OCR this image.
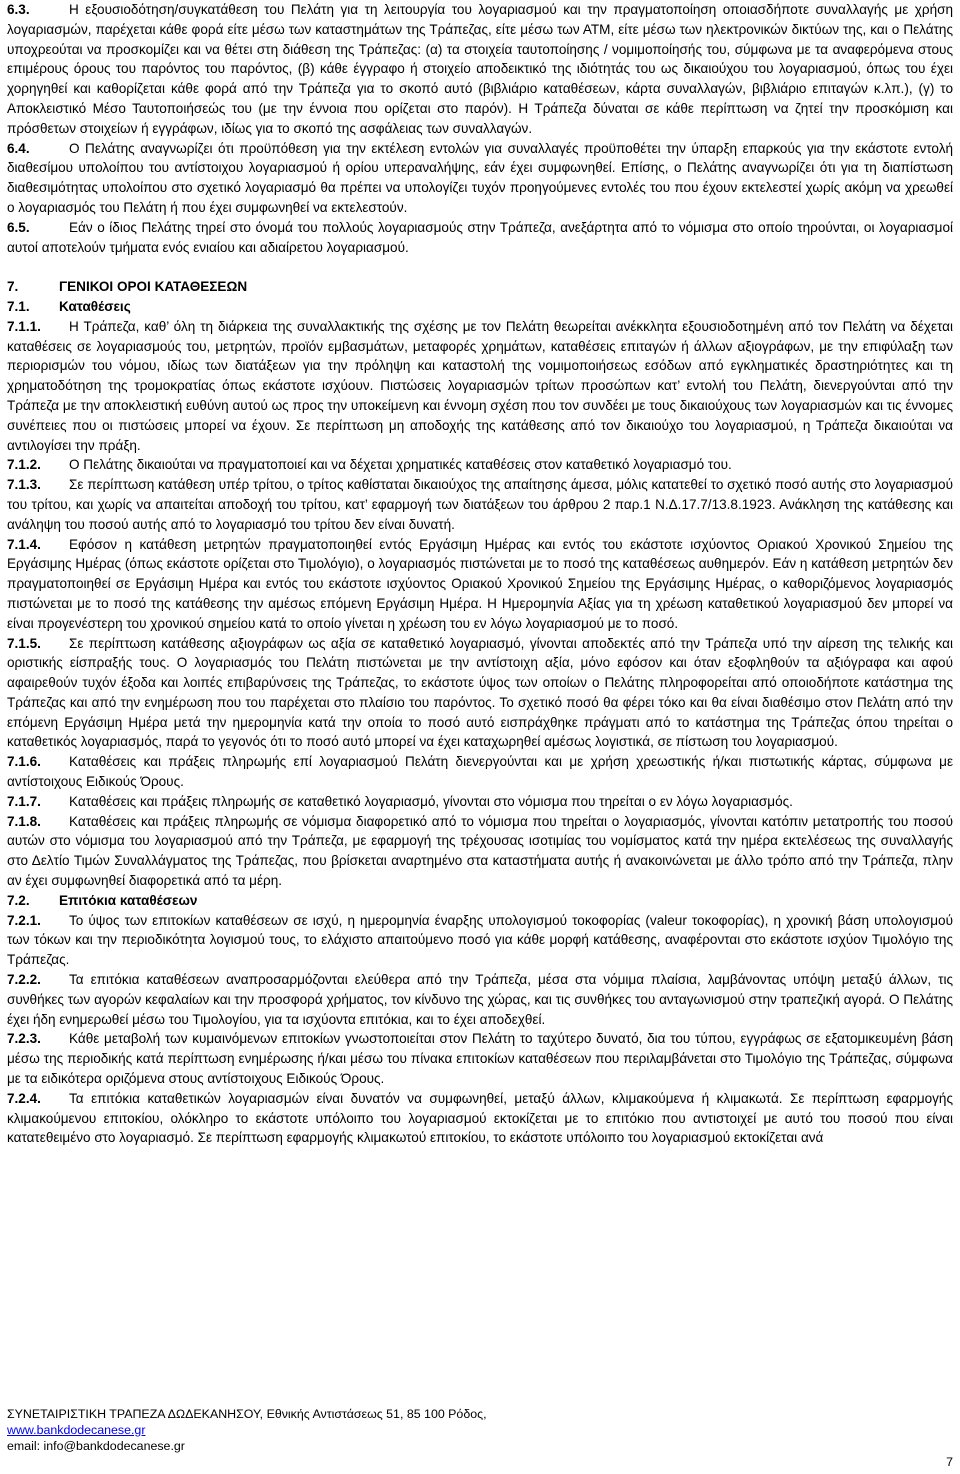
6.3.	Η εξουσιοδότηση/συγκατάθεση του Πελάτη για τη λειτουργία του λογαριασμού και την πραγματοποίηση οποιασδήποτε συναλλαγής με χρήση λογαριασμών, παρέχεται κάθε φορά είτε μέσω των καταστημάτων της Τράπεζας, είτε μέσω των ΑΤΜ, είτε μέσω των ηλεκτρονικών δικτύων της, και ο Πελάτης υποχρεούται να προσκομίζει και να θέτει στη διάθεση της Τράπεζας: (α) τα στοιχεία ταυτοποίησης / νομιμοποίησής του, σύμφωνα με τα αναφερόμενα στους επιμέρους όρους του παρόντος του παρόντος, (β) κάθε έγγραφο ή στοιχείο αποδεικτικό της ιδιότητάς του ως δικαιούχου του λογαριασμού, όπως του έχει χορηγηθεί και καθορίζεται κάθε φορά από την Τράπεζα για το σκοπό αυτό (βιβλιάριο καταθέσεων, κάρτα συναλλαγών, βιβλιάριο επιταγών κ.λπ.), (γ) το Αποκλειστικό Μέσο Ταυτοποιήσεώς του (με την έννοια που ορίζεται στο παρόν). Η Τράπεζα δύναται σε κάθε περίπτωση να ζητεί την προσκόμιση και πρόσθετων στοιχείων ή εγγράφων, ιδίως για το σκοπό της ασφάλειας των συναλλαγών.

6.4.	Ο Πελάτης αναγνωρίζει ότι προϋπόθεση για την εκτέλεση εντολών για συναλλαγές προϋποθέτει την ύπαρξη επαρκούς για την εκάστοτε εντολή διαθεσίμου υπολοίπου του αντίστοιχου λογαριασμού ή ορίου υπεραναλήψης, εάν έχει συμφωνηθεί. Επίσης, ο Πελάτης αναγνωρίζει ότι για τη διαπίστωση διαθεσιμότητας υπολοίπου στο σχετικό λογαριασμό θα πρέπει να υπολογίζει τυχόν προηγούμενες εντολές του που έχουν εκτελεστεί χωρίς ακόμη να χρεωθεί ο λογαριασμός του Πελάτη ή που έχει συμφωνηθεί να εκτελεστούν.

6.5.	Εάν ο ίδιος Πελάτης τηρεί στο όνομά του πολλούς λογαριασμούς στην Τράπεζα, ανεξάρτητα από το νόμισμα στο οποίο τηρούνται, οι λογαριασμοί αυτοί αποτελούν τμήματα ενός ενιαίου και αδιαίρετου λογαριασμού.

7.	ΓΕΝΙΚΟΙ ΟΡΟΙ ΚΑΤΑΘΕΣΕΩΝ

7.1. Καταθέσεις

7.1.1. Η Τράπεζα, καθ’ όλη τη διάρκεια της συναλλακτικής της σχέσης με τον Πελάτη θεωρείται ανέκκλητα εξουσιοδοτημένη από τον Πελάτη να δέχεται καταθέσεις σε λογαριασμούς του, μετρητών, προϊόν εμβασμάτων, μεταφορές χρημάτων, καταθέσεις επιταγών ή άλλων αξιογράφων, με την επιφύλαξη των περιορισμών του νόμου, ιδίως των διατάξεων για την πρόληψη και καταστολή της νομιμοποιήσεως εσόδων από εγκληματικές δραστηριότητες και τη χρηματοδότηση της τρομοκρατίας όπως εκάστοτε ισχύουν. Πιστώσεις λογαριασμών τρίτων προσώπων κατ’ εντολή του Πελάτη, διενεργούνται από την Τράπεζα με την αποκλειστική ευθύνη αυτού ως προς την υποκείμενη και έννομη σχέση που τον συνδέει με τους δικαιούχους των λογαριασμών και τις έννομες συνέπειες που οι πιστώσεις μπορεί να έχουν. Σε περίπτωση μη αποδοχής της κατάθεσης από τον δικαιούχο του λογαριασμού, η Τράπεζα δικαιούται να αντιλογίσει την πράξη.

7.1.2. Ο Πελάτης δικαιούται να πραγματοποιεί και να δέχεται χρηματικές καταθέσεις στον καταθετικό λογαριασμό του.

7.1.3. Σε περίπτωση κατάθεση υπέρ τρίτου, ο τρίτος καθίσταται δικαιούχος της απαίτησης άμεσα, μόλις κατατεθεί το σχετικό ποσό αυτής στο λογαριασμού του τρίτου, και χωρίς να απαιτείται αποδοχή του τρίτου, κατ’ εφαρμογή των διατάξεων του άρθρου 2 παρ.1 Ν.Δ.17.7/13.8.1923. Ανάκληση της κατάθεσης και ανάληψη του ποσού αυτής από το λογαριασμό του τρίτου δεν είναι δυνατή.

7.1.4. Εφόσον η κατάθεση μετρητών πραγματοποιηθεί εντός Εργάσιμη Ημέρας και εντός του εκάστοτε ισχύοντος Οριακού Χρονικού Σημείου της Εργάσιμης Ημέρας (όπως εκάστοτε ορίζεται στο Τιμολόγιο), ο λογαριασμός πιστώνεται με το ποσό της καταθέσεως αυθημερόν. Εάν η κατάθεση μετρητών δεν πραγματοποιηθεί σε Εργάσιμη Ημέρα και εντός του εκάστοτε ισχύοντος Οριακού Χρονικού Σημείου της Εργάσιμης Ημέρας, ο καθοριζόμενος λογαριασμός πιστώνεται με το ποσό της κατάθεσης την αμέσως επόμενη Εργάσιμη Ημέρα. Η Ημερομηνία Αξίας για τη χρέωση καταθετικού λογαριασμού δεν μπορεί να είναι προγενέστερη του χρονικού σημείου κατά το οποίο γίνεται η χρέωση του εν λόγω λογαριασμού με το ποσό.

7.1.5. Σε περίπτωση κατάθεσης αξιογράφων ως αξία σε καταθετικό λογαριασμό, γίνονται αποδεκτές από την Τράπεζα υπό την αίρεση της τελικής και οριστικής είσπραξής τους. Ο λογαριασμός του Πελάτη πιστώνεται με την αντίστοιχη αξία, μόνο εφόσον και όταν εξοφληθούν τα αξιόγραφα και αφού αφαιρεθούν τυχόν έξοδα και λοιπές επιβαρύνσεις της Τράπεζας, το εκάστοτε ύψος των οποίων ο Πελάτης πληροφορείται από οποιοδήποτε κατάστημα της Τράπεζας και από την ενημέρωση που του παρέχεται στο πλαίσιο του παρόντος. Το σχετικό ποσό θα φέρει τόκο και θα είναι διαθέσιμο στον Πελάτη από την επόμενη Εργάσιμη Ημέρα μετά την ημερομηνία κατά την οποία το ποσό αυτό εισπράχθηκε πράγματι από το κατάστημα της Τράπεζας όπου τηρείται ο καταθετικός λογαριασμός, παρά το γεγονός ότι το ποσό αυτό μπορεί να έχει καταχωρηθεί αμέσως λογιστικά, σε πίστωση του λογαριασμού.

7.1.6. Καταθέσεις και πράξεις πληρωμής επί λογαριασμού Πελάτη διενεργούνται και με χρήση χρεωστικής ή/και πιστωτικής κάρτας, σύμφωνα με αντίστοιχους Ειδικούς Όρους.

7.1.7. Καταθέσεις και πράξεις πληρωμής σε καταθετικό λογαριασμό, γίνονται στο νόμισμα που τηρείται ο εν λόγω λογαριασμός.

7.1.8. Καταθέσεις και πράξεις πληρωμής σε νόμισμα διαφορετικό από το νόμισμα που τηρείται ο λογαριασμός, γίνονται κατόπιν μετατροπής του ποσού αυτών στο νόμισμα του λογαριασμού από την Τράπεζα, με εφαρμογή της τρέχουσας ισοτιμίας του νομίσματος κατά την ημέρα εκτελέσεως της συναλλαγής στο Δελτίο Τιμών Συναλλάγματος της Τράπεζας, που βρίσκεται αναρτημένο στα καταστήματα αυτής ή ανακοινώνεται με άλλο τρόπο από την Τράπεζα, πλην αν έχει συμφωνηθεί διαφορετικά από τα μέρη.

7.2. Επιτόκια καταθέσεων

7.2.1. Το ύψος των επιτοκίων καταθέσεων σε ισχύ, η ημερομηνία έναρξης υπολογισμού τοκοφορίας (valeur τοκοφορίας), η χρονική βάση υπολογισμού των τόκων και την περιοδικότητα λογισμού τους, το ελάχιστο απαιτούμενο ποσό για κάθε μορφή κατάθεσης, αναφέρονται στο εκάστοτε ισχύον Τιμολόγιο της Τράπεζας.

7.2.2. Τα επιτόκια καταθέσεων αναπροσαρμόζονται ελεύθερα από την Τράπεζα, μέσα στα νόμιμα πλαίσια, λαμβάνοντας υπόψη μεταξύ άλλων, τις συνθήκες των αγορών κεφαλαίων και την προσφορά χρήματος, τον κίνδυνο της χώρας, και τις συνθήκες του ανταγωνισμού στην τραπεζική αγορά. Ο Πελάτης έχει ήδη ενημερωθεί μέσω του Τιμολογίου, για τα ισχύοντα επιτόκια, και το έχει αποδεχθεί.

7.2.3. Κάθε μεταβολή των κυμαινόμενων επιτοκίων γνωστοποιείται στον Πελάτη το ταχύτερο δυνατό, δια του τύπου, εγγράφως σε εξατομικευμένη βάση μέσω της περιοδικής κατά περίπτωση ενημέρωσης ή/και μέσω του πίνακα επιτοκίων καταθέσεων που περιλαμβάνεται στο Τιμολόγιο της Τράπεζας, σύμφωνα με τα ειδικότερα οριζόμενα στους αντίστοιχους Ειδικούς Όρους.

7.2.4. Τα επιτόκια καταθετικών λογαριασμών είναι δυνατόν να συμφωνηθεί, μεταξύ άλλων, κλιμακούμενα ή κλιμακωτά. Σε περίπτωση εφαρμογής κλιμακούμενου επιτοκίου, ολόκληρο το εκάστοτε υπόλοιπο του λογαριασμού εκτοκίζεται με το επιτόκιο που αντιστοιχεί με αυτό του ποσού που είναι κατατεθειμένο στο λογαριασμό. Σε περίπτωση εφαρμογής κλιμακωτού επιτοκίου, το εκάστοτε υπόλοιπο του λογαριασμού εκτοκίζεται ανά

ΣΥΝΕΤΑΙΡΙΣΤΙΚΗ ΤΡΑΠΕΖΑ ΔΩΔΕΚΑΝΗΣΟΥ, Εθνικής Αντιστάσεως 51, 85 100 Ρόδος,
www.bankdodecanese.gr
email: info@bankdodecanese.gr
7
